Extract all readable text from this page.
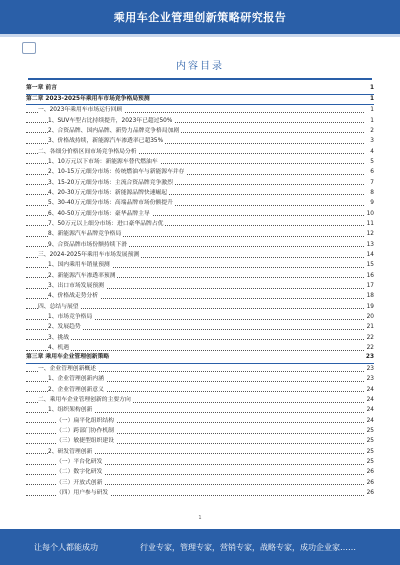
乘用车企业管理创新策略研究报告
内容目录
第一章 前言	1
第二章 2023-2025年乘用车市场竞争格局预测	1
一、2023年乘用车市场运行回顾	1
1、SUV车型占比持续提升，2023年已超过50%	1
2、合资品牌、国内品牌、新势力品牌竞争格局加剧	2
3、价格战持续，新能源汽车渗透率已超35%	3
二、各细分价格区间市场竞争格局分析	4
1、10万元以下市场：新能源车替代燃油车	5
2、10-15万元细分市场：传统燃油车与新能源车并存	6
3、15-20万元细分市场：主流合资品牌竞争激烈	7
4、20-30万元细分市场：新能源品牌快速崛起	8
5、30-40万元细分市场：高端品牌市场份额提升	9
6、40-50万元细分市场：豪华品牌主导	10
7、50万元以上细分市场：进口豪华品牌占优	11
8、新能源汽车品牌竞争格局	12
9、合资品牌市场份额持续下滑	13
三、2024-2025年乘用车市场发展预测	14
1、国内乘用车销量预测	15
2、新能源汽车渗透率预测	16
3、出口市场发展预测	17
4、价格战走势分析	18
四、总结与展望	19
1、市场竞争格局	20
2、发展趋势	21
3、挑战	22
4、机遇	22
第三章 乘用车企业管理创新策略	23
一、企业管理创新概述	23
1、企业管理创新内涵	23
2、企业管理创新意义	24
二、乘用车企业管理创新的主要方向	24
1、组织架构创新	24
（一）扁平化组织结构	24
（二）跨部门协作机制	25
（三）敏捷型组织建设	25
2、研发管理创新	25
（一）平台化研发	25
（二）数字化研发	26
（三）开放式创新	26
（四）用户参与研发	26
1
让每个人都能成功	行业专家，管理专家，营销专家，战略专家，成功企业家……
